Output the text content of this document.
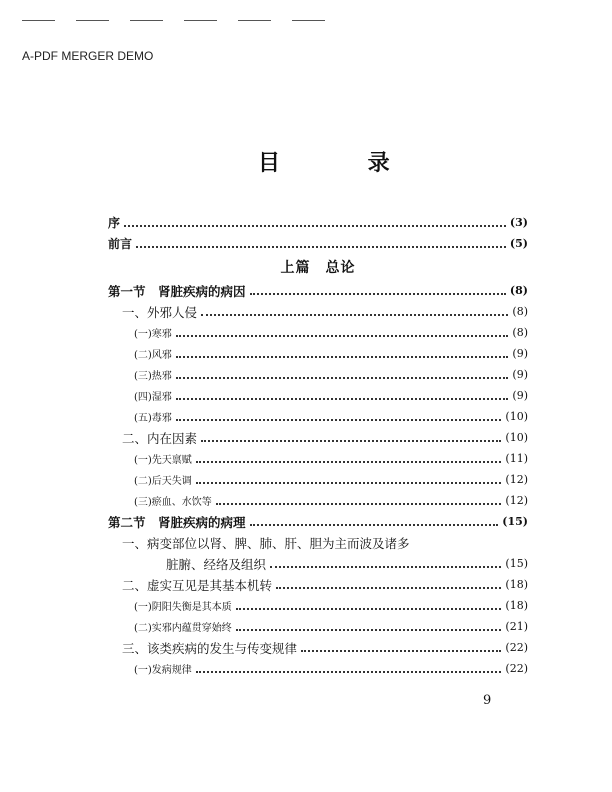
A-PDF MERGER DEMO
目 录
序	(3)
前言	(5)
上篇　总论
第一节　肾脏疾病的病因	(8)
一、外邪人侵	(8)
(一)寒邪	(8)
(二)风邪	(9)
(三)热邪	(9)
(四)湿邪	(9)
(五)毒邪	(10)
二、内在因素	(10)
(一)先天禀赋	(11)
(二)后天失调	(12)
(三)瘀血、水饮等	(12)
第二节　肾脏疾病的病理	(15)
一、病变部位以肾、脾、肺、肝、胆为主而波及诸多
脏腑、经络及组织	(15)
二、虚实互见是其基本机转	(18)
(一)阴阳失衡是其本质	(18)
(二)实邪内蕴贯穿始终	(21)
三、该类疾病的发生与传变规律	(22)
(一)发病规律	(22)
9
